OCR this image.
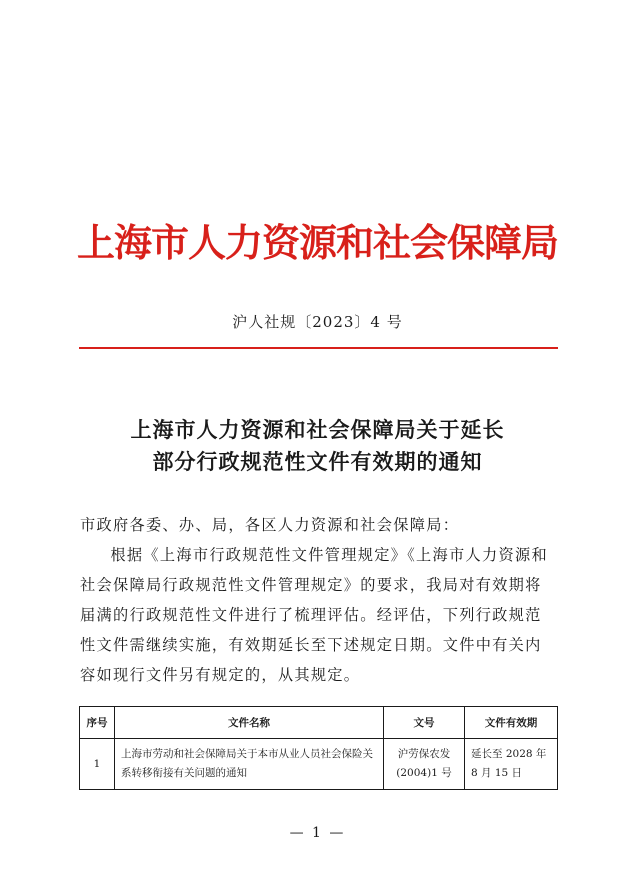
上海市人力资源和社会保障局
沪人社规〔2023〕4 号
上海市人力资源和社会保障局关于延长
部分行政规范性文件有效期的通知

市政府各委、办、局，各区人力资源和社会保障局：

根据《上海市行政规范性文件管理规定》《上海市人力资源和社会保障局行政规范性文件管理规定》的要求，我局对有效期将届满的行政规范性文件进行了梳理评估。经评估，下列行政规范性文件需继续实施，有效期延长至下述规定日期。文件中有关内容如现行文件另有规定的，从其规定。

序号	文件名称	文号	文件有效期
1	上海市劳动和社会保障局关于本市从业人员社会保险关系转移衔接有关问题的通知	沪劳保农发(2004)1 号	延长至 2028 年 8 月 15 日
— 1 —
